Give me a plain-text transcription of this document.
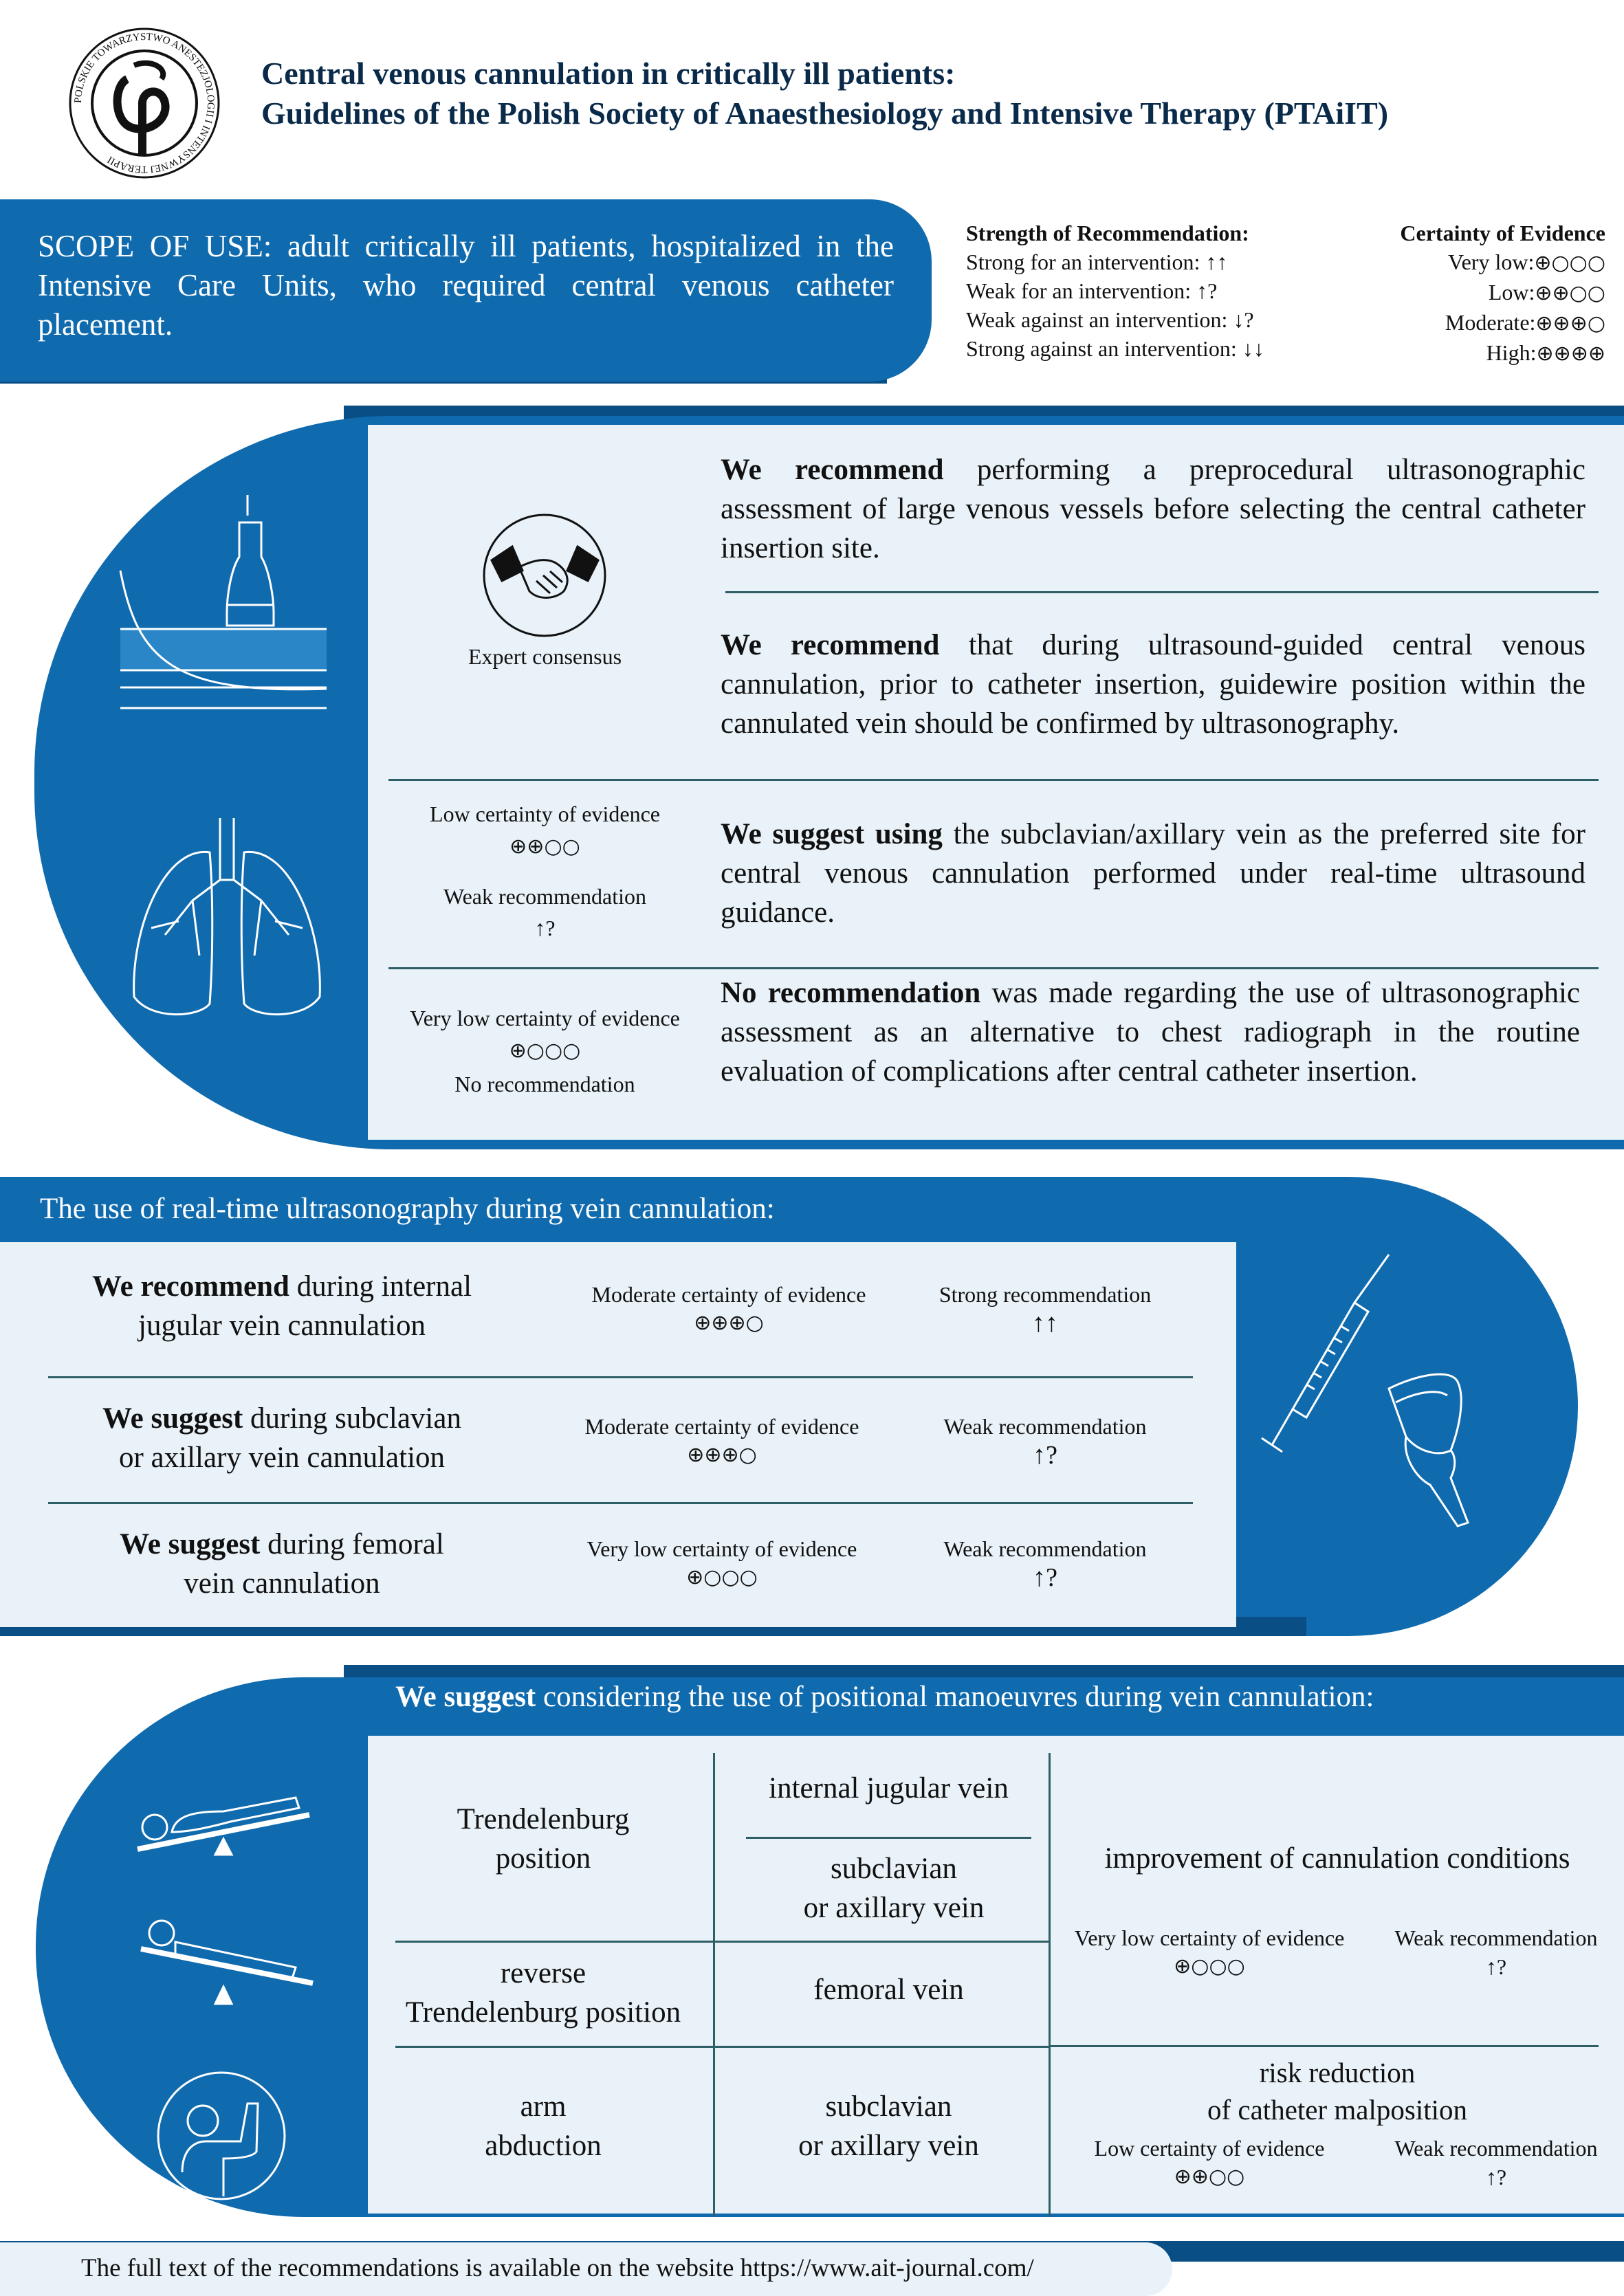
POLSKIE TOWARZYSTWO ANESTEZJOLOGII I INTENSYWNEJ TERAPII
Central venous cannulation in critically ill patients:
Guidelines of the Polish Society of Anaesthesiology and Intensive Therapy (PTAiIT)
SCOPE OF USE: adult critically ill patients, hospitalized in the Intensive Care Units, who required central venous catheter placement.
Strength of Recommendation:
Strong for an intervention: ↑↑
Weak for an intervention: ↑?
Weak against an intervention: ↓?
Strong against an intervention: ↓↓
Certainty of Evidence
Very low:⊕○○○
Low:⊕⊕○○
Moderate:⊕⊕⊕○
High:⊕⊕⊕⊕
Expert consensus
We recommend performing a preprocedural ultrasonographic assessment of large venous vessels before selecting the central catheter insertion site.
We recommend that during ultrasound-guided central venous cannulation, prior to catheter insertion, guidewire position within the cannulated vein should be confirmed by ultrasonography.
Low certainty of evidence
⊕⊕○○
Weak recommendation
↑?
We suggest using the subclavian/axillary vein as the preferred site for central venous cannulation performed under real-time ultrasound guidance.
Very low certainty of evidence
⊕○○○
No recommendation
No recommendation was made regarding the use of ultrasonographic assessment as an alternative to chest radiograph in the routine evaluation of complications after central catheter insertion.
The use of real-time ultrasonography during vein cannulation:
We recommend during internal
jugular vein cannulation
Moderate certainty of evidence
⊕⊕⊕○
Strong recommendation
↑↑
We suggest during subclavian
or axillary vein cannulation
Moderate certainty of evidence
⊕⊕⊕○
Weak recommendation
↑?
We suggest during femoral
vein cannulation
Very low certainty of evidence
⊕○○○
Weak recommendation
↑?
We suggest considering the use of positional manoeuvres during vein cannulation:
Trendelenburg
position
internal jugular vein
subclavian
or axillary vein
improvement of cannulation conditions
Very low certainty of evidence
⊕○○○
Weak recommendation
↑?
reverse
Trendelenburg position
femoral vein
arm
abduction
subclavian
or axillary vein
risk reduction
of catheter malposition
Low certainty of evidence
⊕⊕○○
Weak recommendation
↑?
The full text of the recommendations is available on the website https://www.ait-journal.com/
